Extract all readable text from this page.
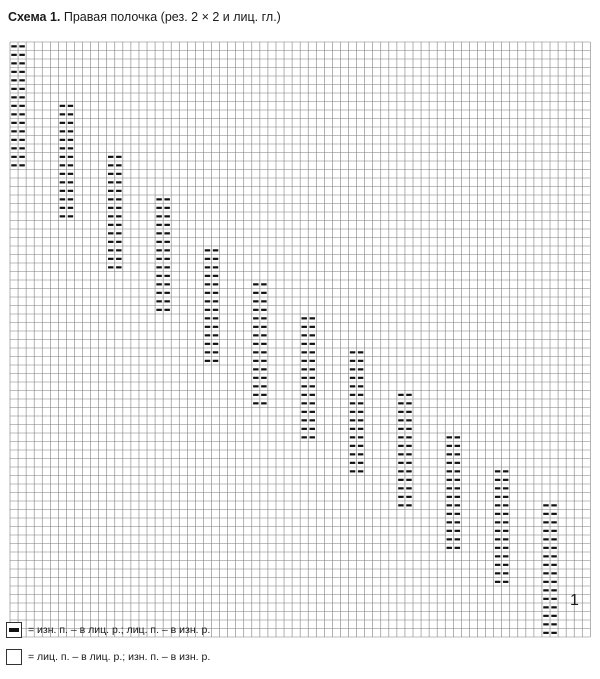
Схема 1. Правая полочка (рез. 2 × 2 и лиц. гл.)
1
= изн. п. – в лиц. р.; лиц. п. – в изн. р.
= лиц. п. – в лиц. р.; изн. п. – в изн. р.
